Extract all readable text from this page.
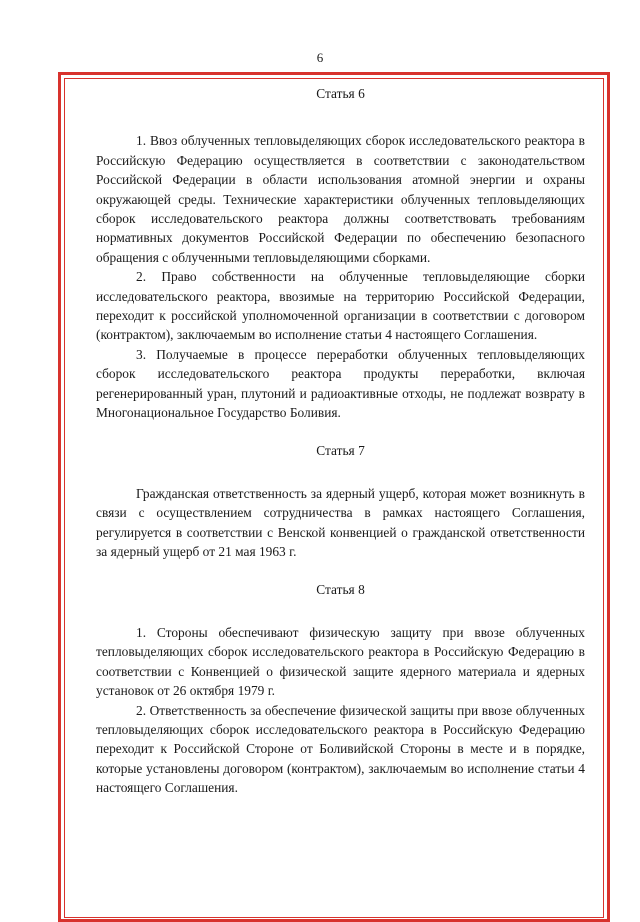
6

Статья 6

1. Ввоз облученных тепловыделяющих сборок исследовательского реактора в Российскую Федерацию осуществляется в соответствии с законодательством Российской Федерации в области использования атомной энергии и охраны окружающей среды. Технические характеристики облученных тепловыделяющих сборок исследовательского реактора должны соответствовать требованиям нормативных документов Российской Федерации по обеспечению безопасного обращения с облученными тепловыделяющими сборками.

2. Право собственности на облученные тепловыделяющие сборки исследовательского реактора, ввозимые на территорию Российской Федерации, переходит к российской уполномоченной организации в соответствии с договором (контрактом), заключаемым во исполнение статьи 4 настоящего Соглашения.

3. Получаемые в процессе переработки облученных тепловыделяющих сборок исследовательского реактора продукты переработки, включая регенерированный уран, плутоний и радиоактивные отходы, не подлежат возврату в Многонациональное Государство Боливия.

Статья 7

Гражданская ответственность за ядерный ущерб, которая может возникнуть в связи с осуществлением сотрудничества в рамках настоящего Соглашения, регулируется в соответствии с Венской конвенцией о гражданской ответственности за ядерный ущерб от 21 мая 1963 г.

Статья 8

1. Стороны обеспечивают физическую защиту при ввозе облученных тепловыделяющих сборок исследовательского реактора в Российскую Федерацию в соответствии с Конвенцией о физической защите ядерного материала и ядерных установок от 26 октября 1979 г.

2. Ответственность за обеспечение физической защиты при ввозе облученных тепловыделяющих сборок исследовательского реактора в Российскую Федерацию переходит к Российской Стороне от Боливийской Стороны в месте и в порядке, которые установлены договором (контрактом), заключаемым во исполнение статьи 4 настоящего Соглашения.
